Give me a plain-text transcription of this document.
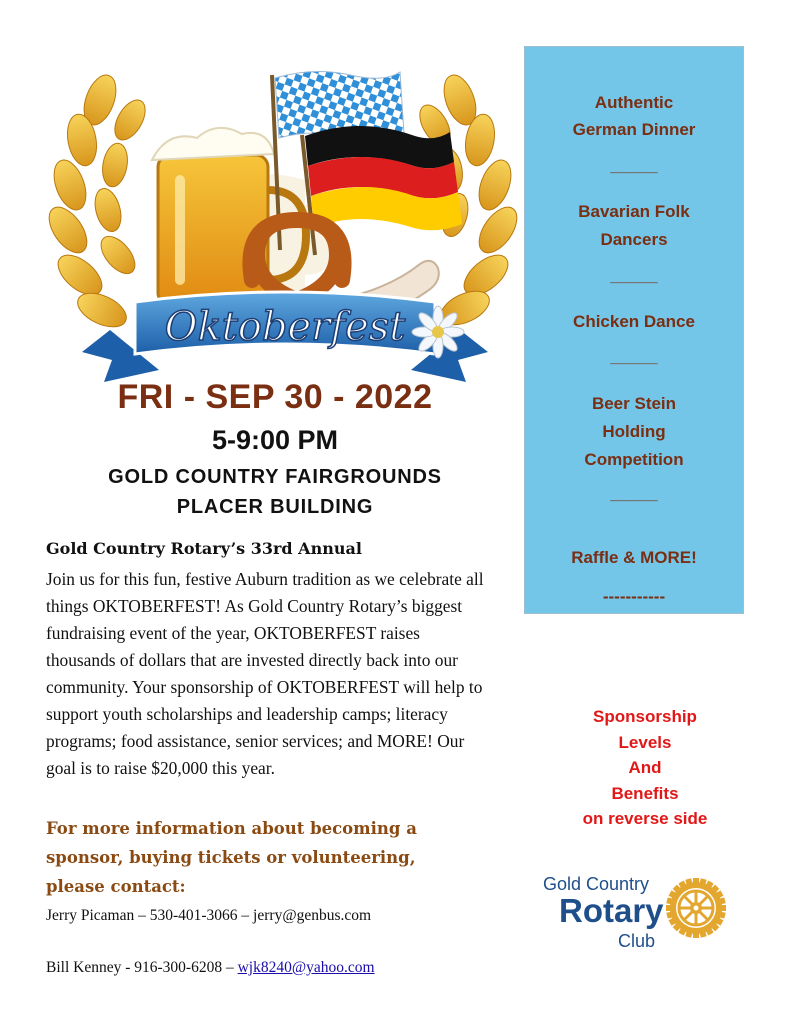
Oktoberfest
FRI - SEP 30 - 2022
5-9:00 PM
GOLD COUNTRY FAIRGROUNDS
PLACER BUILDING
Gold Country Rotary’s 33rd Annual
Join us for this fun, festive Auburn tradition as we celebrate all things OKTOBERFEST! As Gold Country Rotary’s biggest fundraising event of the year, OKTOBERFEST raises thousands of dollars that are invested directly back into our community. Your sponsorship of OKTOBERFEST will help to support youth scholarships and leadership camps; literacy programs; food assistance, senior services; and MORE! Our goal is to raise $20,000 this year.
For more information about becoming a sponsor, buying tickets or volunteering, please contact:
Jerry Picaman – 530-401-3066 – jerry@genbus.com
Bill Kenney - 916-300-6208 – wjk8240@yahoo.com
Authentic
German Dinner
_____
Bavarian Folk
Dancers
_____
Chicken Dance
_____
Beer Stein
Holding
Competition
_____
Raffle & MORE!
-----------
Sponsorship
Levels
And
Benefits
on reverse side
Gold Country
Rotary
Club
